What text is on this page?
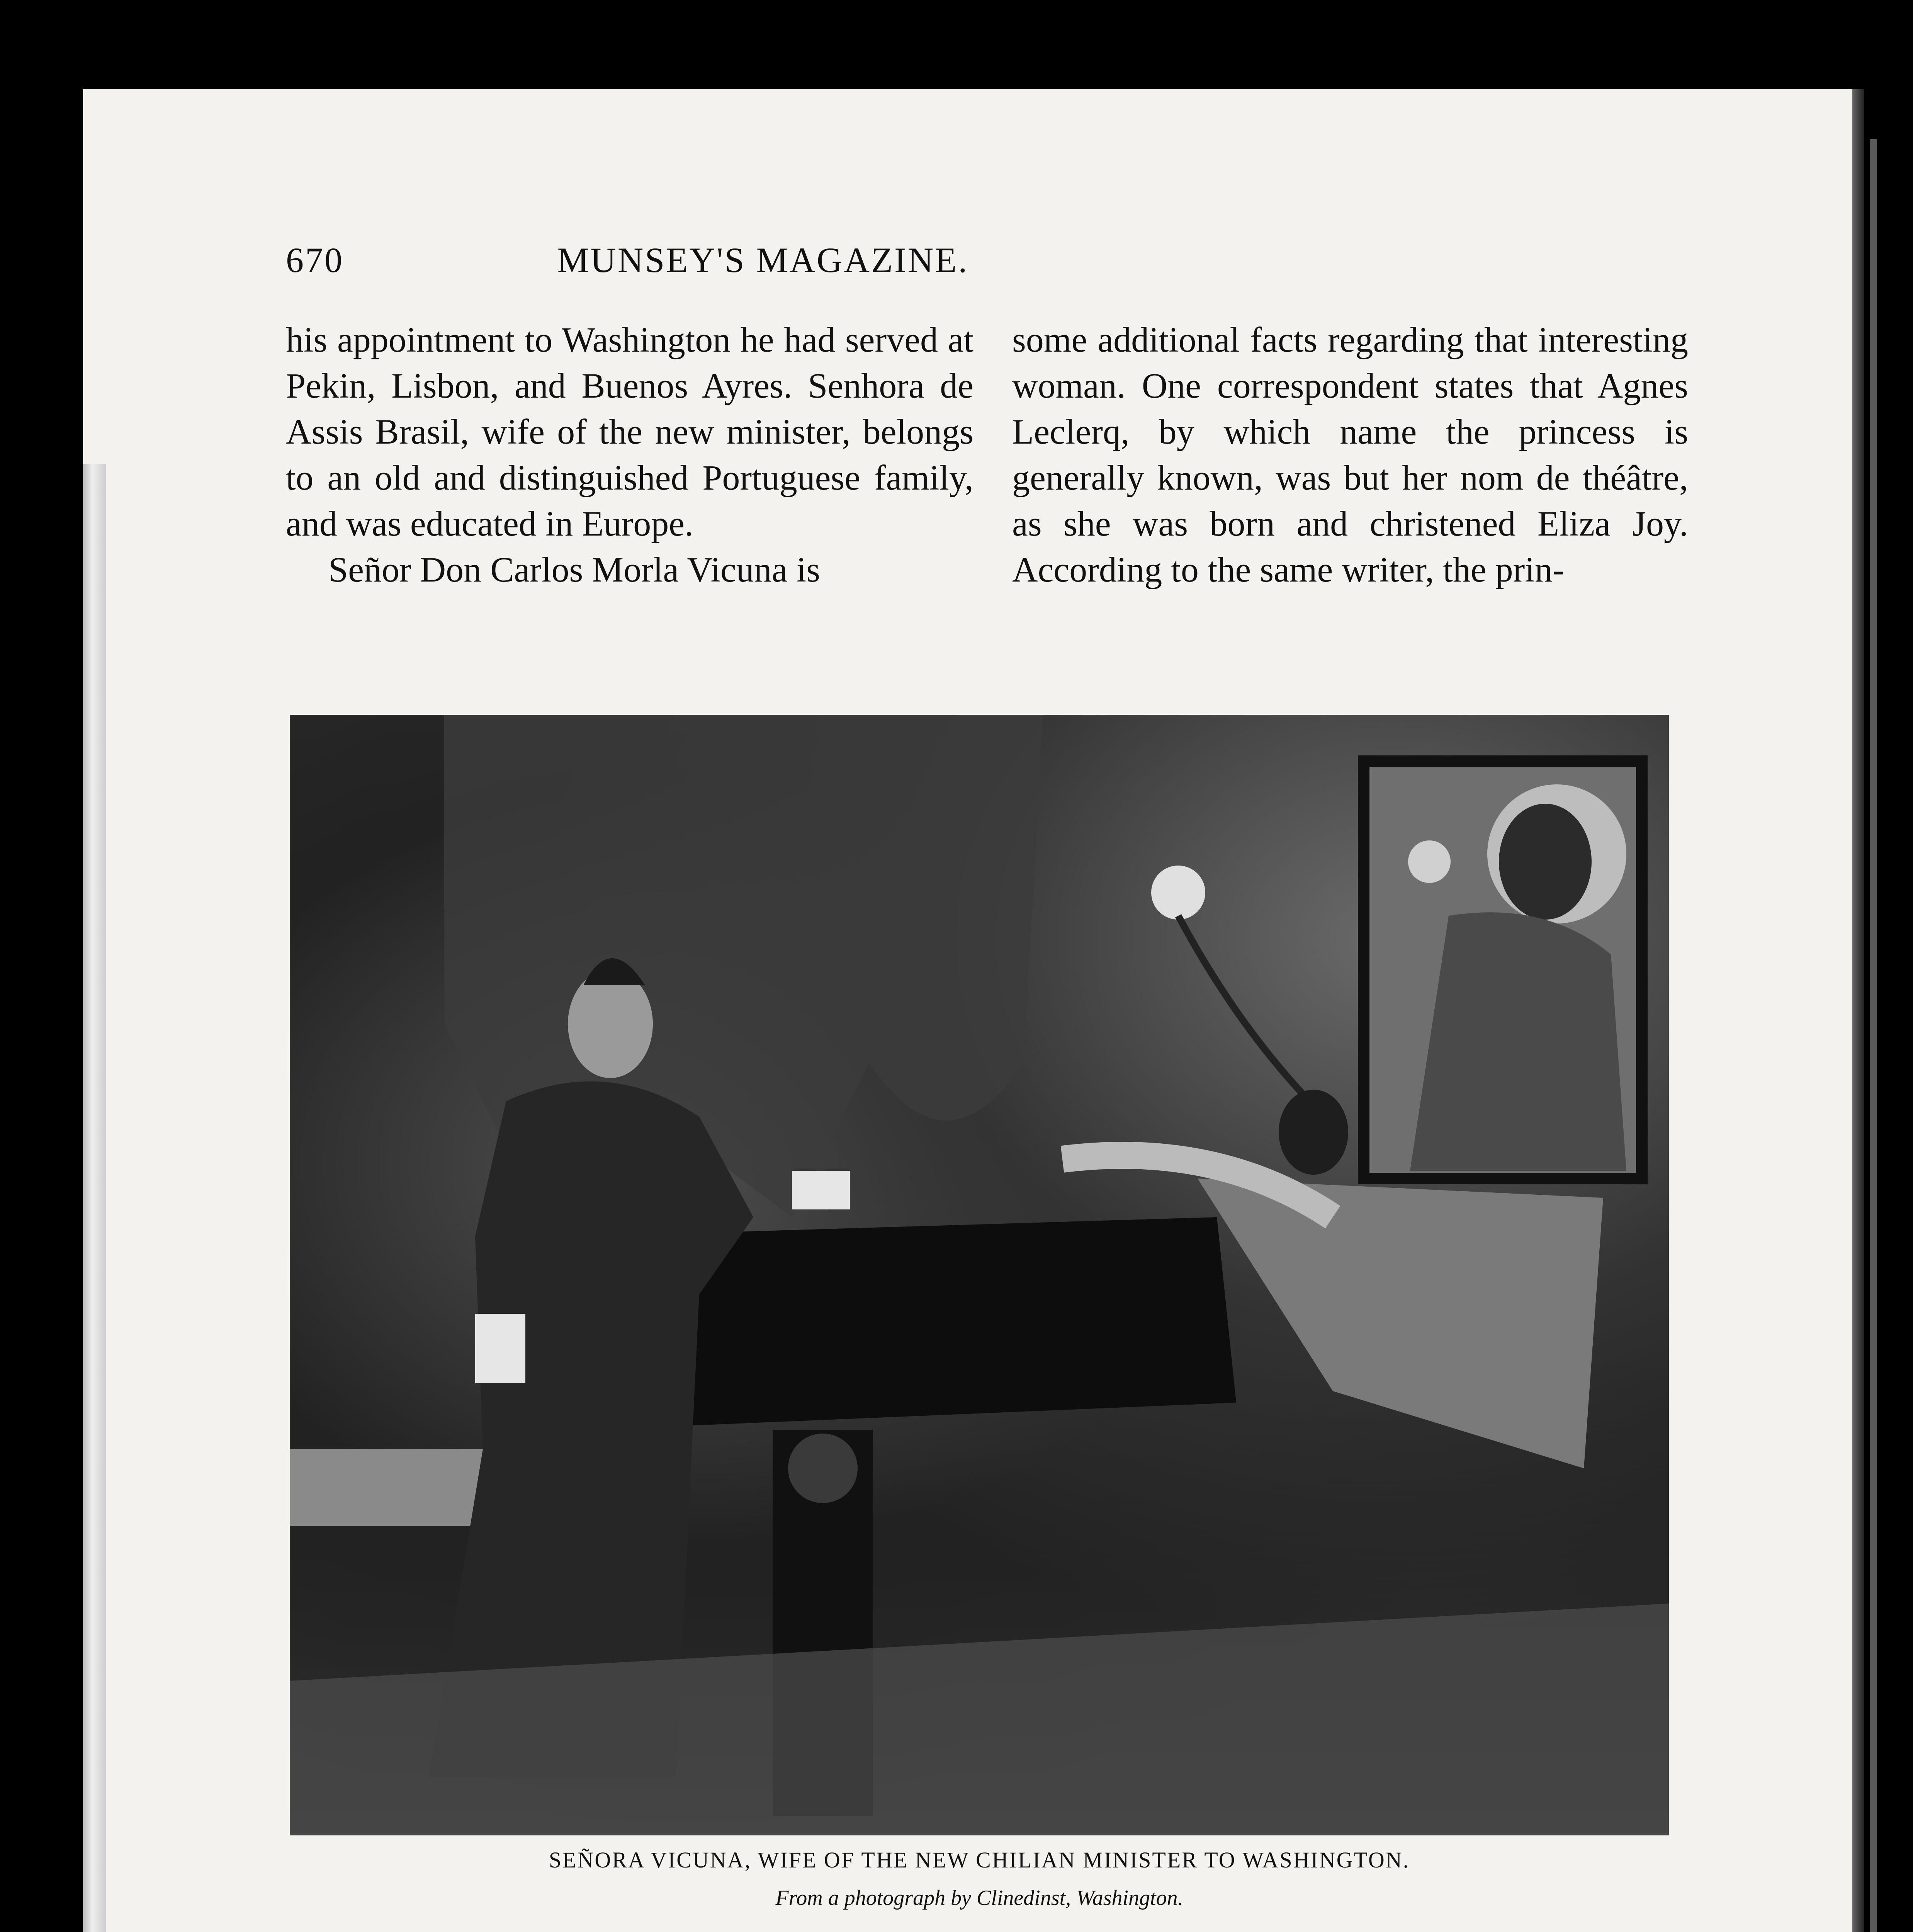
670	MUNSEY'S MAGAZINE.

his appointment to Washington he had served at Pekin, Lisbon, and Buenos Ayres. Senhora de Assis Brasil, wife of the new minister, belongs to an old and distinguished Portuguese family, and was educated in Europe.

Señor Don Carlos Morla Vicuna is

some additional facts regarding that interesting woman. One correspondent states that Agnes Leclerq, by which name the princess is generally known, was but her nom de théâtre, as she was born and christened Eliza Joy. According to the same writer, the prin-

SEÑORA VICUNA, WIFE OF THE NEW CHILIAN MINISTER TO WASHINGTON.
From a photograph by Clinedinst, Washington.
